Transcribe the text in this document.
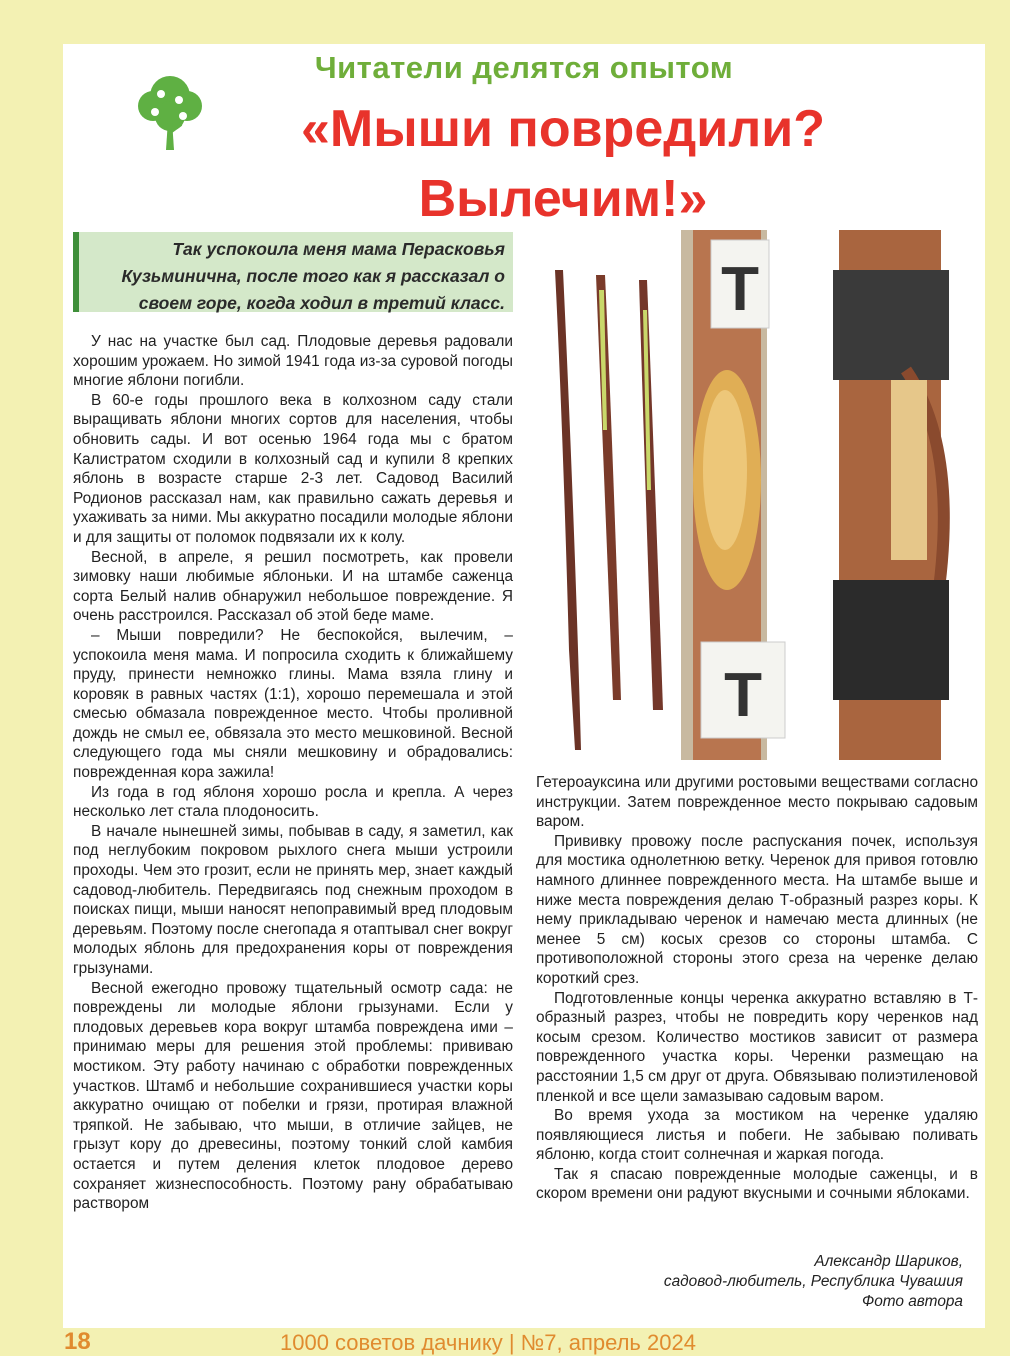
Читатели делятся опытом
«Мыши повредили?
Вылечим!»
Так успокоила меня мама Перасковья Кузьминична, после того как я рассказал о своем горе, когда ходил в третий класс.

У нас на участке был сад. Плодовые деревья радовали хорошим урожаем. Но зимой 1941 года из-за суровой погоды многие яблони погибли.

В 60-е годы прошлого века в колхозном саду стали выращивать яблони многих сортов для населения, чтобы обновить сады. И вот осенью 1964 года мы с братом Калистратом сходили в колхозный сад и купили 8 крепких яблонь в возрасте старше 2-3 лет. Садовод Василий Родионов рассказал нам, как правильно сажать деревья и ухаживать за ними. Мы аккуратно посадили молодые яблони и для защиты от поломок подвязали их к колу.

Весной, в апреле, я решил посмотреть, как провели зимовку наши любимые яблоньки. И на штамбе саженца сорта Белый налив обнаружил небольшое повреждение. Я очень расстроился. Рассказал об этой беде маме.

– Мыши повредили? Не беспокойся, вылечим, – успокоила меня мама. И попросила сходить к ближайшему пруду, принести немножко глины. Мама взяла глину и коровяк в равных частях (1:1), хорошо перемешала и этой смесью обмазала поврежденное место. Чтобы проливной дождь не смыл ее, обвязала это место мешковиной. Весной следующего года мы сняли мешковину и обрадовались: поврежденная кора зажила!

Из года в год яблоня хорошо росла и крепла. А через несколько лет стала плодоносить.

В начале нынешней зимы, побывав в саду, я заметил, как под неглубоким покровом рыхлого снега мыши устроили проходы. Чем это грозит, если не принять мер, знает каждый садовод-любитель. Передвигаясь под снежным проходом в поисках пищи, мыши наносят непоправимый вред плодовым деревьям. Поэтому после снегопада я отаптывал снег вокруг молодых яблонь для предохранения коры от повреждения грызунами.

Весной ежегодно провожу тщательный осмотр сада: не повреждены ли молодые яблони грызунами. Если у плодовых деревьев кора вокруг штамба повреждена ими – принимаю меры для решения этой проблемы: прививаю мостиком. Эту работу начинаю с обработки поврежденных участков. Штамб и небольшие сохранившиеся участки коры аккуратно очищаю от побелки и грязи, протирая влажной тряпкой. Не забываю, что мыши, в отличие зайцев, не грызут кору до древесины, поэтому тонкий слой камбия остается и путем деления клеток плодовое дерево сохраняет жизнеспособность. Поэтому рану обрабатываю раствором

T
T

Гетероауксина или другими ростовыми веществами согласно инструкции. Затем поврежденное место покрываю садовым варом.

Прививку провожу после распускания почек, используя для мостика однолетнюю ветку. Черенок для привоя готовлю намного длиннее поврежденного места. На штамбе выше и ниже места повреждения делаю Т-образный разрез коры. К нему прикладываю черенок и намечаю места длинных (не менее 5 см) косых срезов со стороны штамба. С противоположной стороны этого среза на черенке делаю короткий срез.

Подготовленные концы черенка аккуратно вставляю в Т-образный разрез, чтобы не повредить кору черенков над косым срезом. Количество мостиков зависит от размера поврежденного участка коры. Черенки размещаю на расстоянии 1,5 см друг от друга. Обвязываю полиэтиленовой пленкой и все щели замазываю садовым варом.

Во время ухода за мостиком на черенке удаляю появляющиеся листья и побеги. Не забываю поливать яблоню, когда стоит солнечная и жаркая погода.

Так я спасаю поврежденные молодые саженцы, и в скором времени они радуют вкусными и сочными яблоками.

Александр Шариков,
садовод-любитель, Республика Чувашия
Фото автора
18	1000 советов дачнику | №7, апрель 2024
